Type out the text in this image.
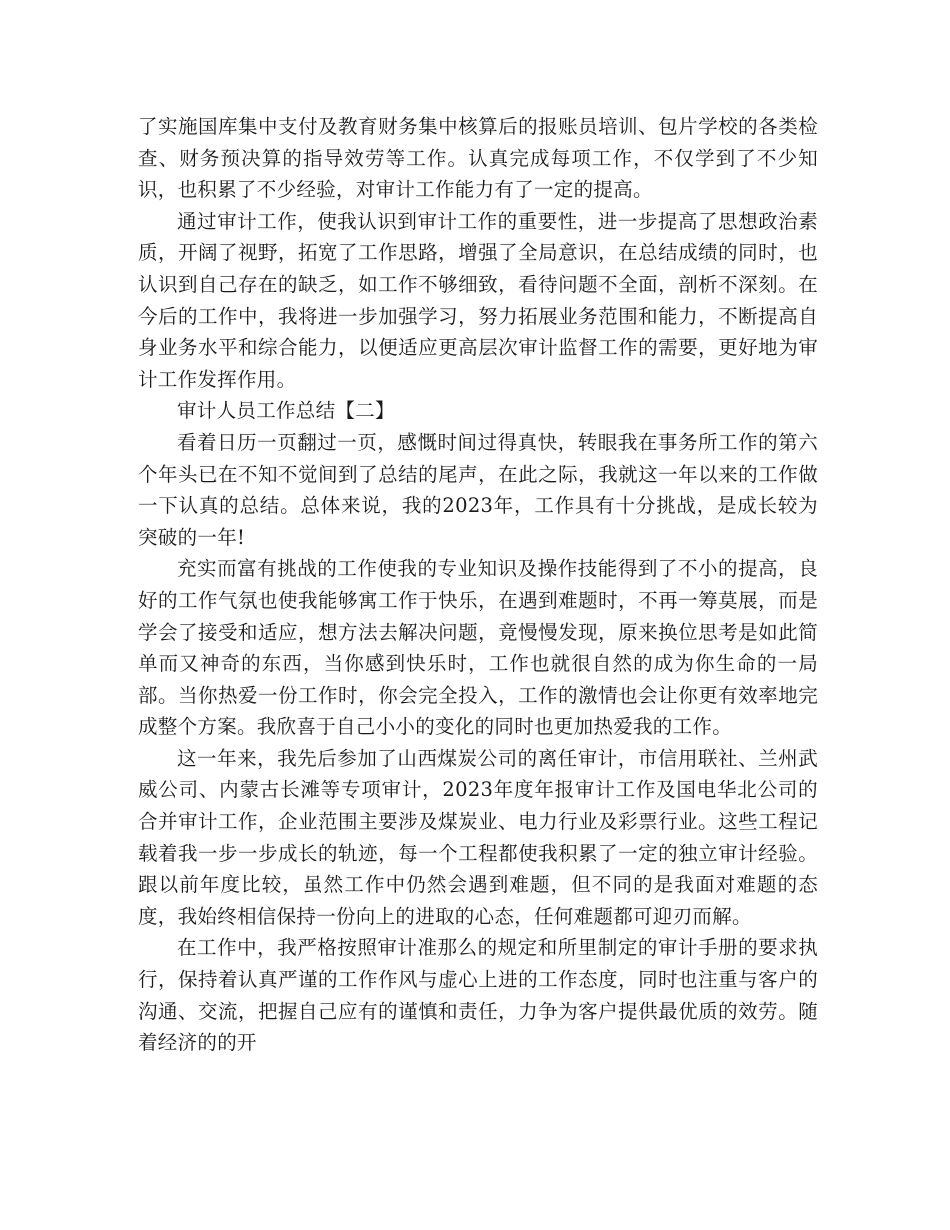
了实施国库集中支付及教育财务集中核算后的报账员培训、包片学校的各类检查、财务预决算的指导效劳等工作。认真完成每项工作，不仅学到了不少知识，也积累了不少经验，对审计工作能力有了一定的提高。

通过审计工作，使我认识到审计工作的重要性，进一步提高了思想政治素质，开阔了视野，拓宽了工作思路，增强了全局意识，在总结成绩的同时，也认识到自己存在的缺乏，如工作不够细致，看待问题不全面，剖析不深刻。在今后的工作中，我将进一步加强学习，努力拓展业务范围和能力，不断提高自身业务水平和综合能力，以便适应更高层次审计监督工作的需要，更好地为审计工作发挥作用。

审计人员工作总结【二】

看着日历一页翻过一页，感慨时间过得真快，转眼我在事务所工作的第六个年头已在不知不觉间到了总结的尾声，在此之际，我就这一年以来的工作做一下认真的总结。总体来说，我的2023年，工作具有十分挑战，是成长较为突破的一年!

充实而富有挑战的工作使我的专业知识及操作技能得到了不小的提高，良好的工作气氛也使我能够寓工作于快乐，在遇到难题时，不再一筹莫展，而是学会了接受和适应，想方法去解决问题，竟慢慢发现，原来换位思考是如此简单而又神奇的东西，当你感到快乐时，工作也就很自然的成为你生命的一局部。当你热爱一份工作时，你会完全投入，工作的激情也会让你更有效率地完成整个方案。我欣喜于自己小小的变化的同时也更加热爱我的工作。

这一年来，我先后参加了山西煤炭公司的离任审计，市信用联社、兰州武威公司、内蒙古长滩等专项审计，2023年度年报审计工作及国电华北公司的合并审计工作，企业范围主要涉及煤炭业、电力行业及彩票行业。这些工程记载着我一步一步成长的轨迹，每一个工程都使我积累了一定的独立审计经验。跟以前年度比较，虽然工作中仍然会遇到难题，但不同的是我面对难题的态度，我始终相信保持一份向上的进取的心态，任何难题都可迎刃而解。

在工作中，我严格按照审计准那么的规定和所里制定的审计手册的要求执行，保持着认真严谨的工作作风与虚心上进的工作态度，同时也注重与客户的沟通、交流，把握自己应有的谨慎和责任，力争为客户提供最优质的效劳。随着经济的的开
